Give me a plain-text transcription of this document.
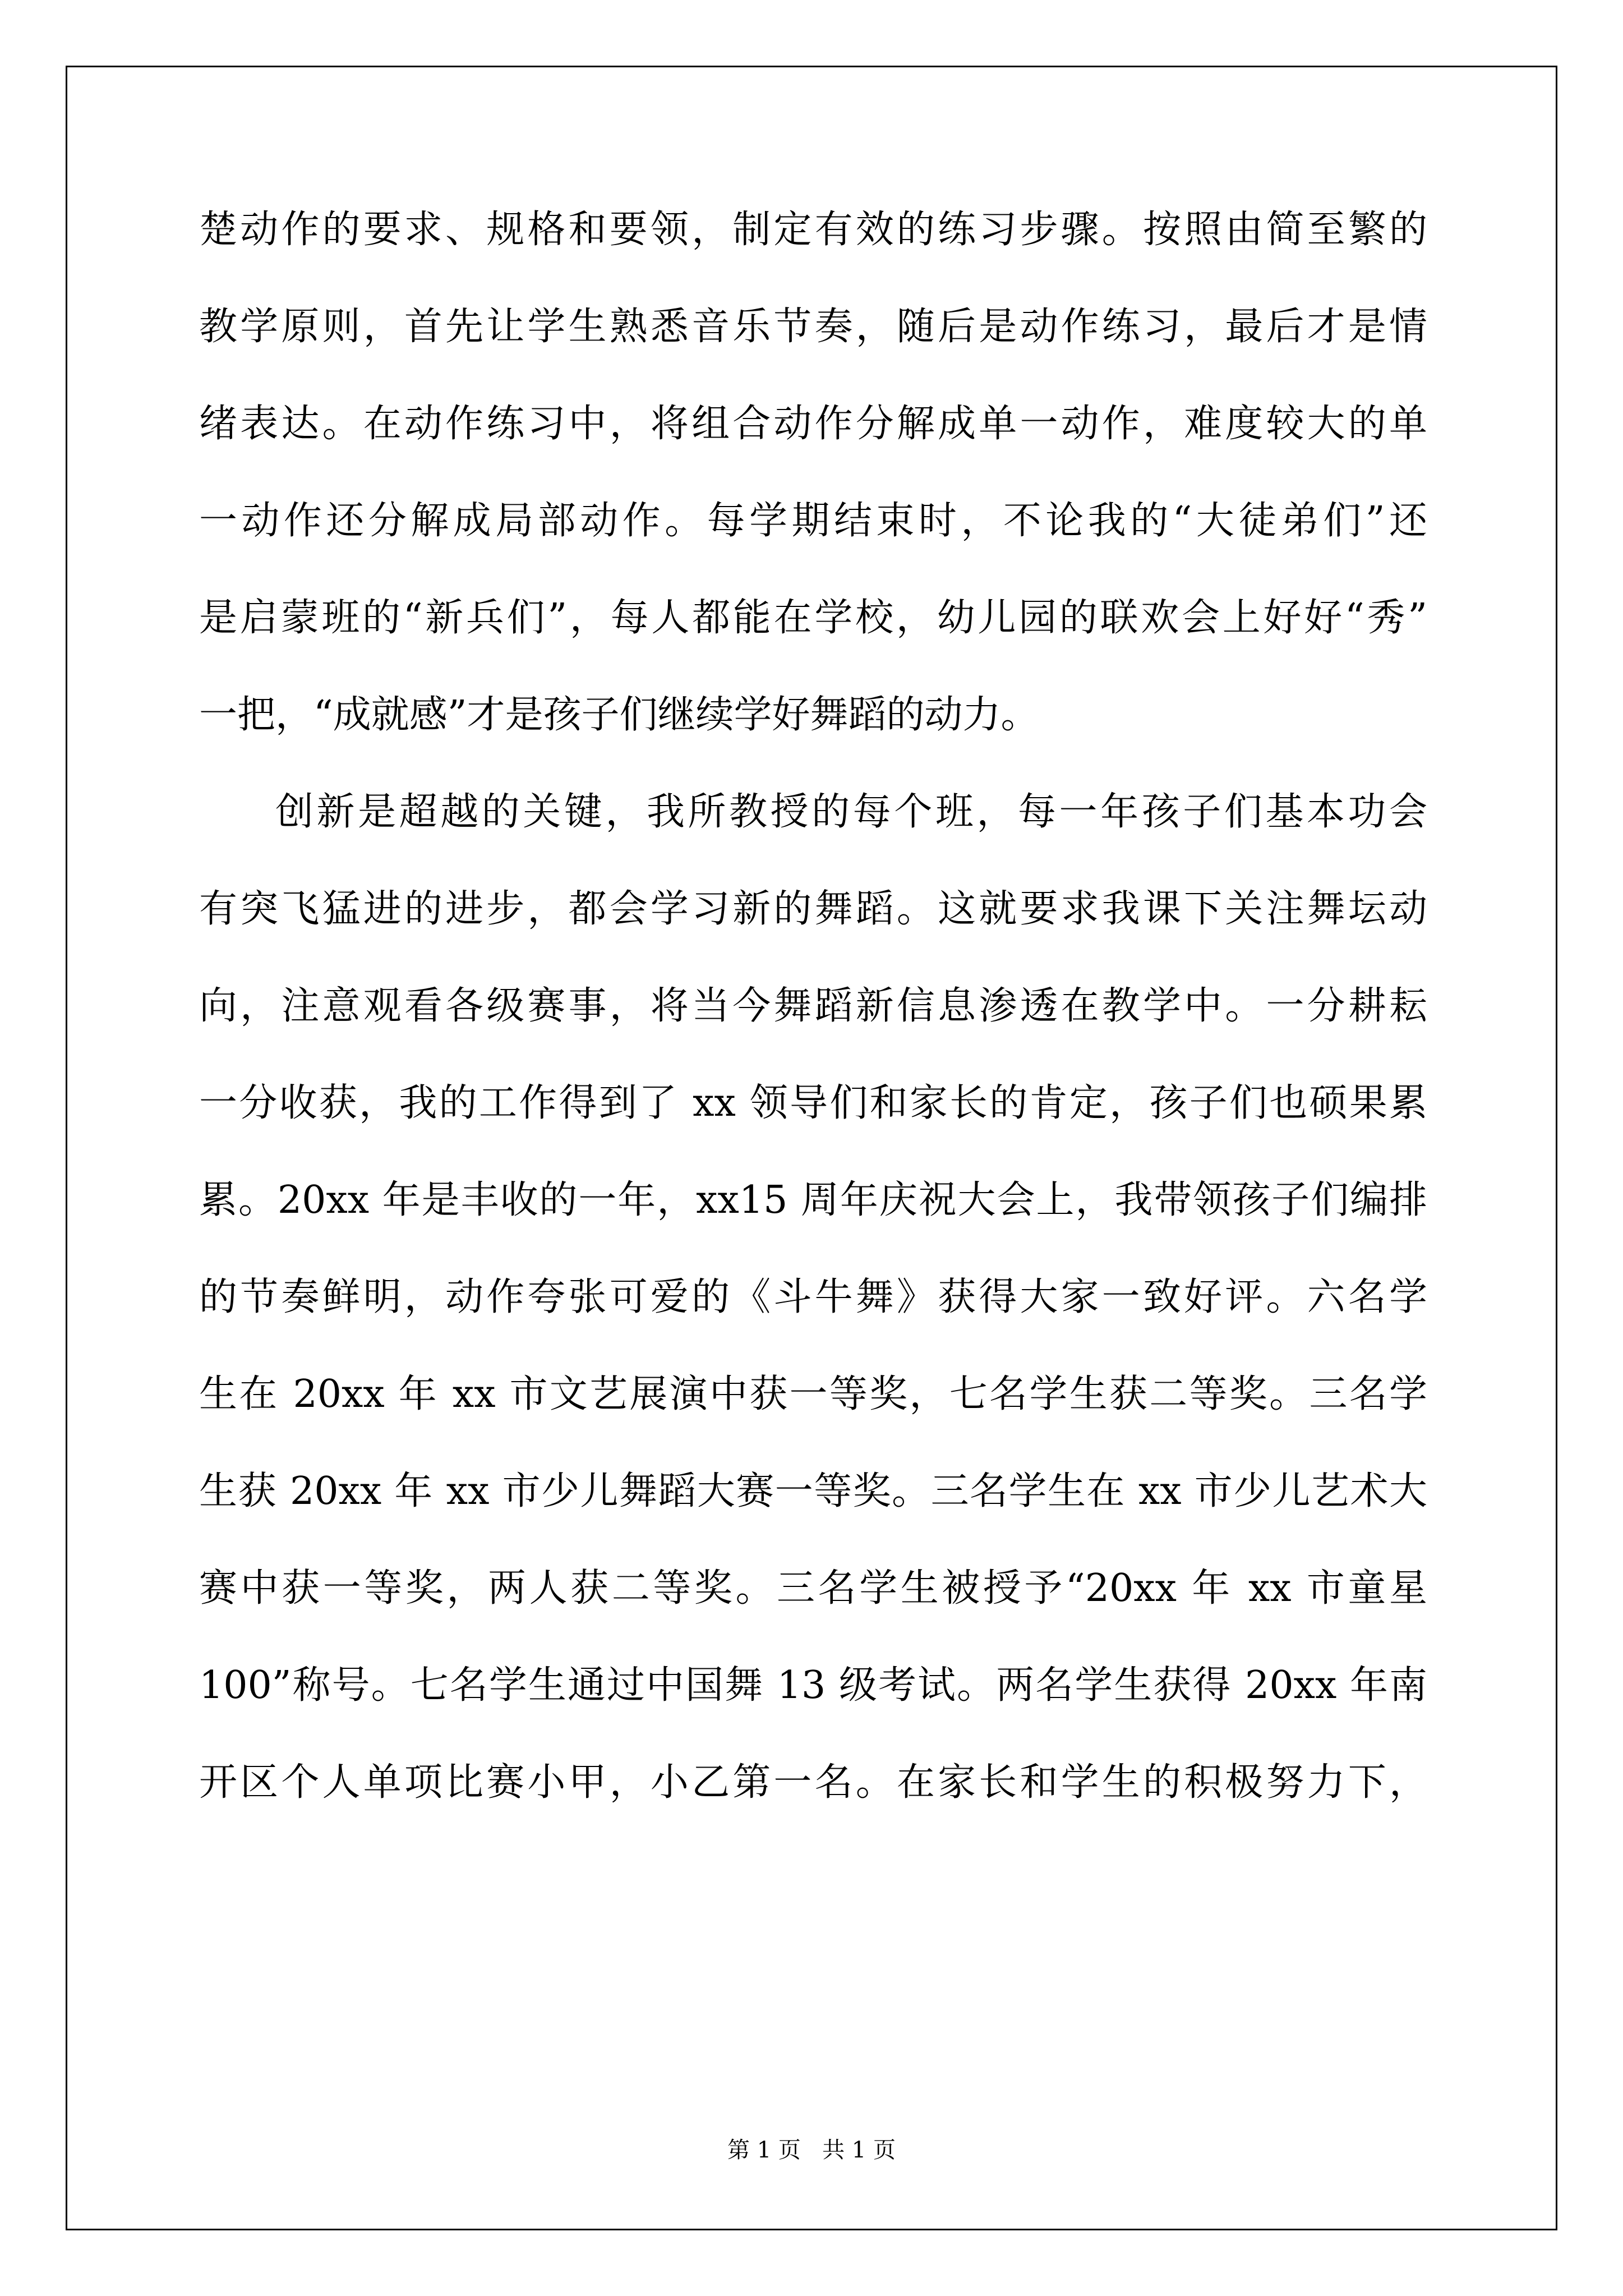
楚动作的要求、规格和要领，制定有效的练习步骤。按照由简至繁的
教学原则，首先让学生熟悉音乐节奏，随后是动作练习，最后才是情
绪表达。在动作练习中，将组合动作分解成单一动作，难度较大的单
一动作还分解成局部动作。每学期结束时，不论我的“大徒弟们”还
是启蒙班的“新兵们”，每人都能在学校，幼儿园的联欢会上好好“秀”
一把，“成就感”才是孩子们继续学好舞蹈的动力。
创新是超越的关键，我所教授的每个班，每一年孩子们基本功会
有突飞猛进的进步，都会学习新的舞蹈。这就要求我课下关注舞坛动
向，注意观看各级赛事，将当今舞蹈新信息渗透在教学中。一分耕耘
一分收获，我的工作得到了 xx 领导们和家长的肯定，孩子们也硕果累
累。20xx 年是丰收的一年，xx15 周年庆祝大会上，我带领孩子们编排
的节奏鲜明，动作夸张可爱的《斗牛舞》获得大家一致好评。六名学
生在 20xx 年 xx 市文艺展演中获一等奖，七名学生获二等奖。三名学
生获 20xx 年 xx 市少儿舞蹈大赛一等奖。三名学生在 xx 市少儿艺术大
赛中获一等奖，两人获二等奖。三名学生被授予“20xx 年 xx 市童星
100”称号。七名学生通过中国舞 13 级考试。两名学生获得 20xx 年南
开区个人单项比赛小甲，小乙第一名。在家长和学生的积极努力下，
第 1 页   共 1 页
